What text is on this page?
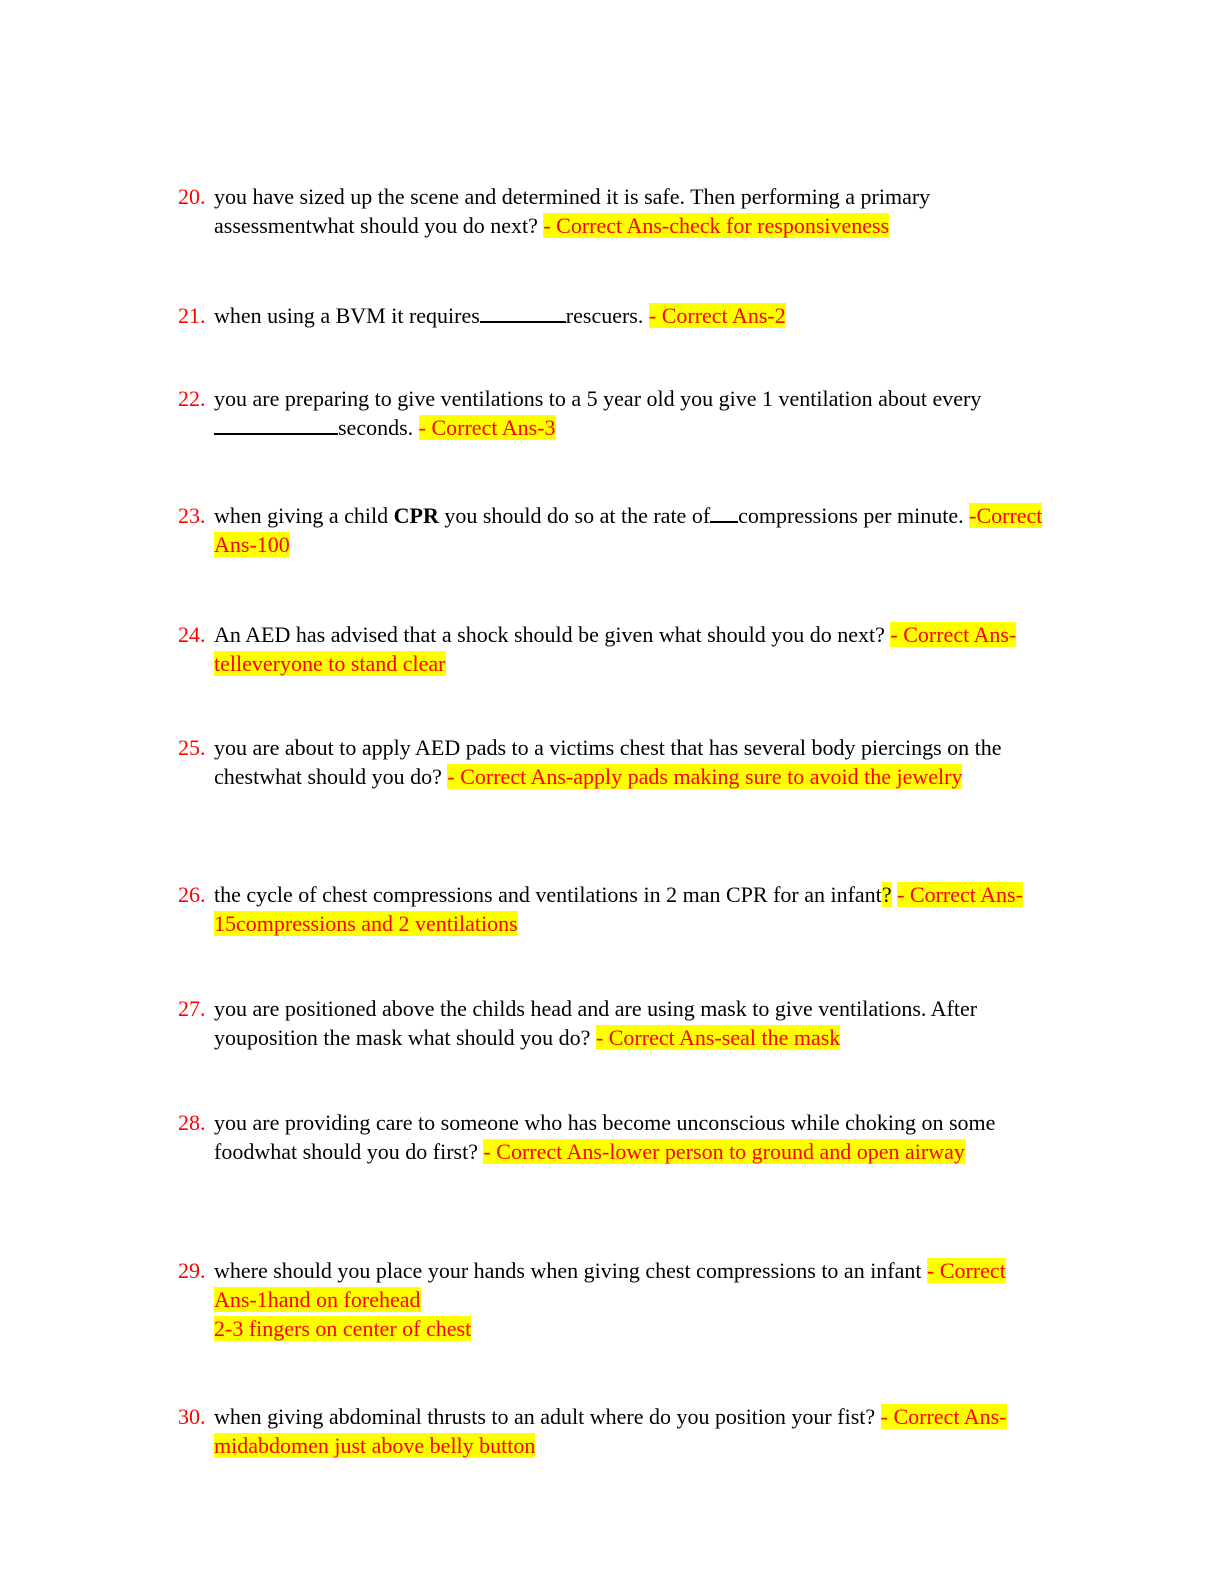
20. you have sized up the scene and determined it is safe. Then performing a primary assessmentwhat should you do next? - Correct Ans-check for responsiveness
21. when using a BVM it requires	rescuers. - Correct Ans-2
22. you are preparing to give ventilations to a 5 year old you give 1 ventilation about every
seconds. - Correct Ans-3
23. when giving a child CPR you should do so at the rate of compressions per minute. -Correct Ans-100
24. An AED has advised that a shock should be given what should you do next? - Correct Ans-telleveryone to stand clear
25. you are about to apply AED pads to a victims chest that has several body piercings on the chestwhat should you do? - Correct Ans-apply pads making sure to avoid the jewelry
26. the cycle of chest compressions and ventilations in 2 man CPR for an infant? - Correct Ans-15compressions and 2 ventilations
27. you are positioned above the childs head and are using mask to give ventilations. After youposition the mask what should you do? - Correct Ans-seal the mask
28. you are providing care to someone who has become unconscious while choking on some foodwhat should you do first? - Correct Ans-lower person to ground and open airway
29. where should you place your hands when giving chest compressions to an infant - Correct Ans-1hand on forehead
2-3 fingers on center of chest
30. when giving abdominal thrusts to an adult where do you position your fist? - Correct Ans-midabdomen just above belly button
